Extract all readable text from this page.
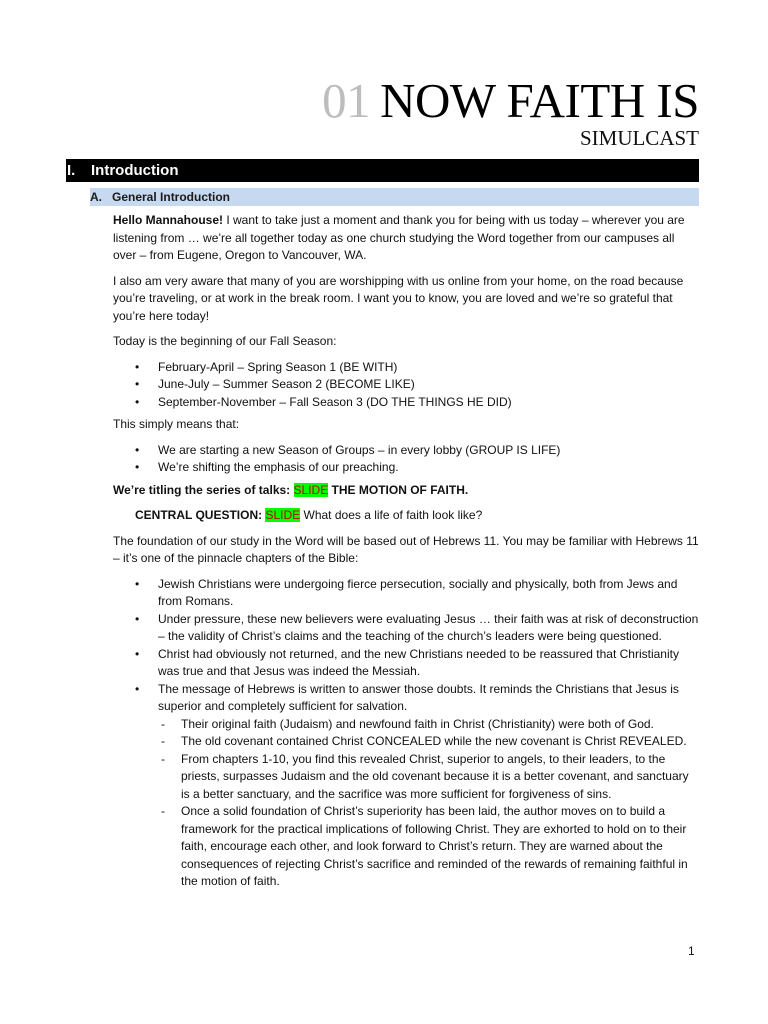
01 NOW FAITH IS
SIMULCAST
I. Introduction
A. General Introduction

Hello Mannahouse! I want to take just a moment and thank you for being with us today – wherever you are listening from … we’re all together today as one church studying the Word together from our campuses all over – from Eugene, Oregon to Vancouver, WA.

I also am very aware that many of you are worshipping with us online from your home, on the road because you’re traveling, or at work in the break room. I want you to know, you are loved and we’re so grateful that you’re here today!

Today is the beginning of our Fall Season:

• February-April – Spring Season 1 (BE WITH)
• June-July – Summer Season 2 (BECOME LIKE)
• September-November – Fall Season 3 (DO THE THINGS HE DID)

This simply means that:

• We are starting a new Season of Groups – in every lobby (GROUP IS LIFE)
• We’re shifting the emphasis of our preaching.

We’re titling the series of talks: SLIDE THE MOTION OF FAITH.

CENTRAL QUESTION: SLIDE What does a life of faith look like?

The foundation of our study in the Word will be based out of Hebrews 11. You may be familiar with Hebrews 11 – it’s one of the pinnacle chapters of the Bible:

• Jewish Christians were undergoing fierce persecution, socially and physically, both from Jews and from Romans.
• Under pressure, these new believers were evaluating Jesus … their faith was at risk of deconstruction – the validity of Christ’s claims and the teaching of the church’s leaders were being questioned.
• Christ had obviously not returned, and the new Christians needed to be reassured that Christianity was true and that Jesus was indeed the Messiah.
• The message of Hebrews is written to answer those doubts. It reminds the Christians that Jesus is superior and completely sufficient for salvation.
- Their original faith (Judaism) and newfound faith in Christ (Christianity) were both of God.
- The old covenant contained Christ CONCEALED while the new covenant is Christ REVEALED.
- From chapters 1-10, you find this revealed Christ, superior to angels, to their leaders, to the priests, surpasses Judaism and the old covenant because it is a better covenant, and sanctuary is a better sanctuary, and the sacrifice was more sufficient for forgiveness of sins.
- Once a solid foundation of Christ’s superiority has been laid, the author moves on to build a framework for the practical implications of following Christ. They are exhorted to hold on to their faith, encourage each other, and look forward to Christ’s return. They are warned about the consequences of rejecting Christ’s sacrifice and reminded of the rewards of remaining faithful in the motion of faith.
1
